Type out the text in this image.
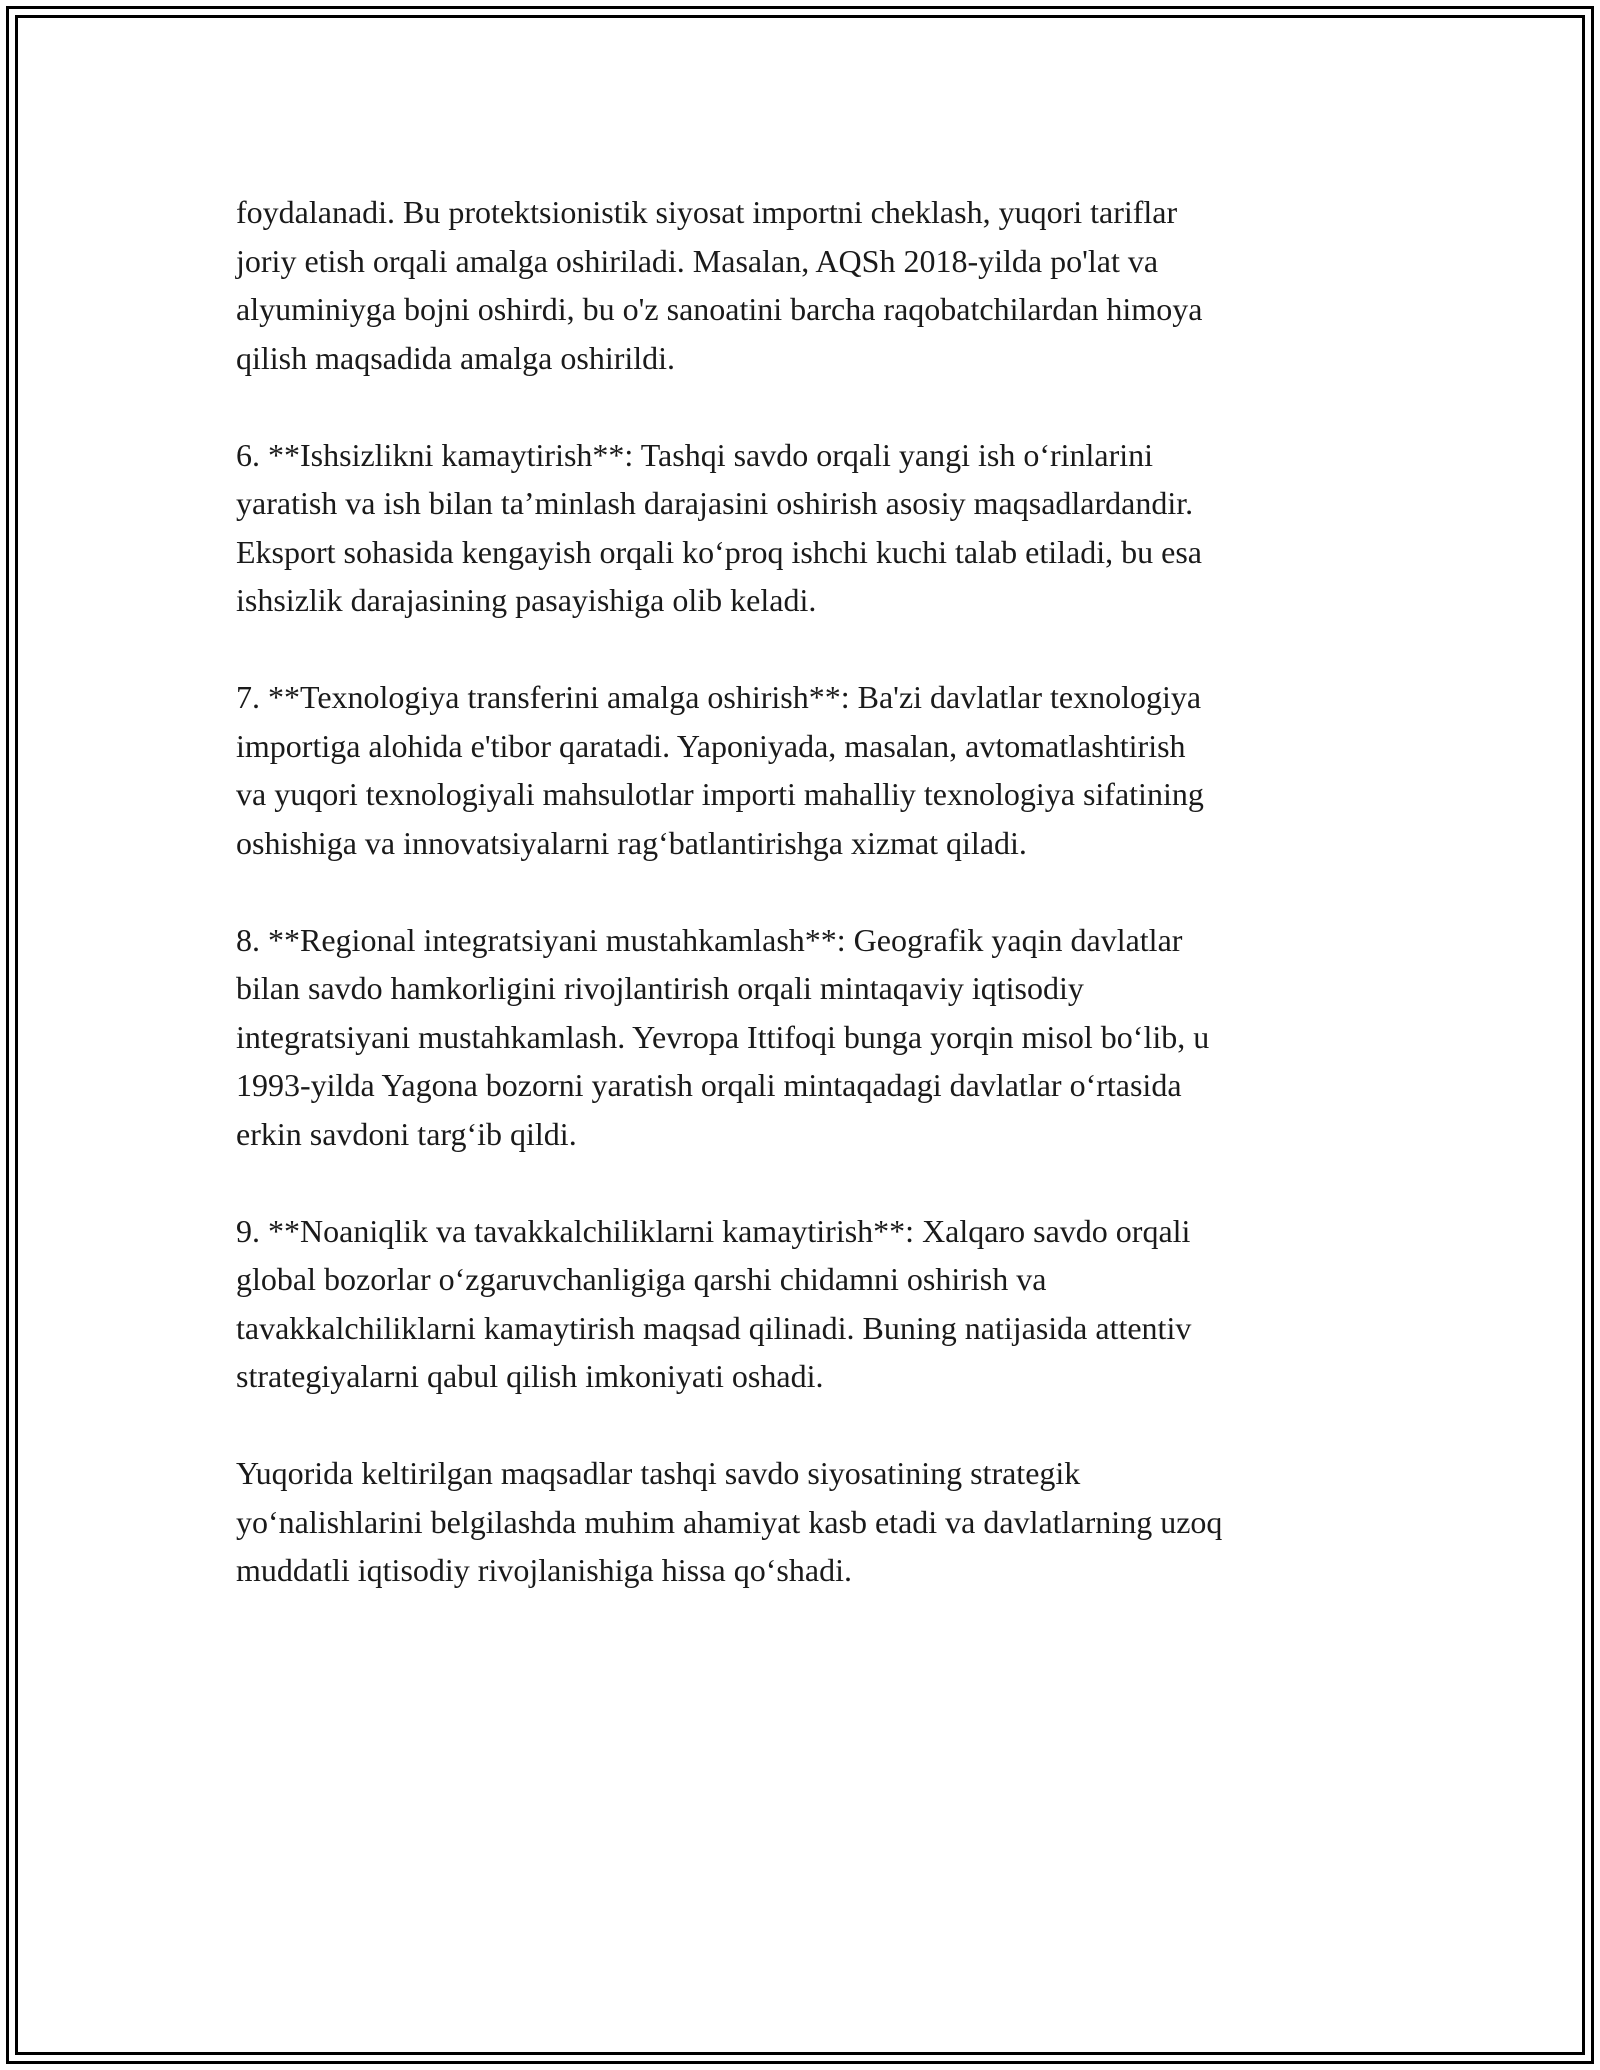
foydalanadi. Bu protektsionistik siyosat importni cheklash, yuqori tariflar
joriy etish orqali amalga oshiriladi. Masalan, AQSh 2018-yilda po'lat va
alyuminiyga bojni oshirdi, bu o'z sanoatini barcha raqobatchilardan himoya
qilish maqsadida amalga oshirildi.

6. **Ishsizlikni kamaytirish**: Tashqi savdo orqali yangi ish o‘rinlarini
yaratish va ish bilan ta’minlash darajasini oshirish asosiy maqsadlardandir.
Eksport sohasida kengayish orqali ko‘proq ishchi kuchi talab etiladi, bu esa
ishsizlik darajasining pasayishiga olib keladi.

7. **Texnologiya transferini amalga oshirish**: Ba'zi davlatlar texnologiya
importiga alohida e'tibor qaratadi. Yaponiyada, masalan, avtomatlashtirish
va yuqori texnologiyali mahsulotlar importi mahalliy texnologiya sifatining
oshishiga va innovatsiyalarni rag‘batlantirishga xizmat qiladi.

8. **Regional integratsiyani mustahkamlash**: Geografik yaqin davlatlar
bilan savdo hamkorligini rivojlantirish orqali mintaqaviy iqtisodiy
integratsiyani mustahkamlash. Yevropa Ittifoqi bunga yorqin misol bo‘lib, u
1993-yilda Yagona bozorni yaratish orqali mintaqadagi davlatlar o‘rtasida
erkin savdoni targ‘ib qildi.

9. **Noaniqlik va tavakkalchiliklarni kamaytirish**: Xalqaro savdo orqali
global bozorlar o‘zgaruvchanligiga qarshi chidamni oshirish va
tavakkalchiliklarni kamaytirish maqsad qilinadi. Buning natijasida attentiv
strategiyalarni qabul qilish imkoniyati oshadi.

Yuqorida keltirilgan maqsadlar tashqi savdo siyosatining strategik
yo‘nalishlarini belgilashda muhim ahamiyat kasb etadi va davlatlarning uzoq
muddatli iqtisodiy rivojlanishiga hissa qo‘shadi.
